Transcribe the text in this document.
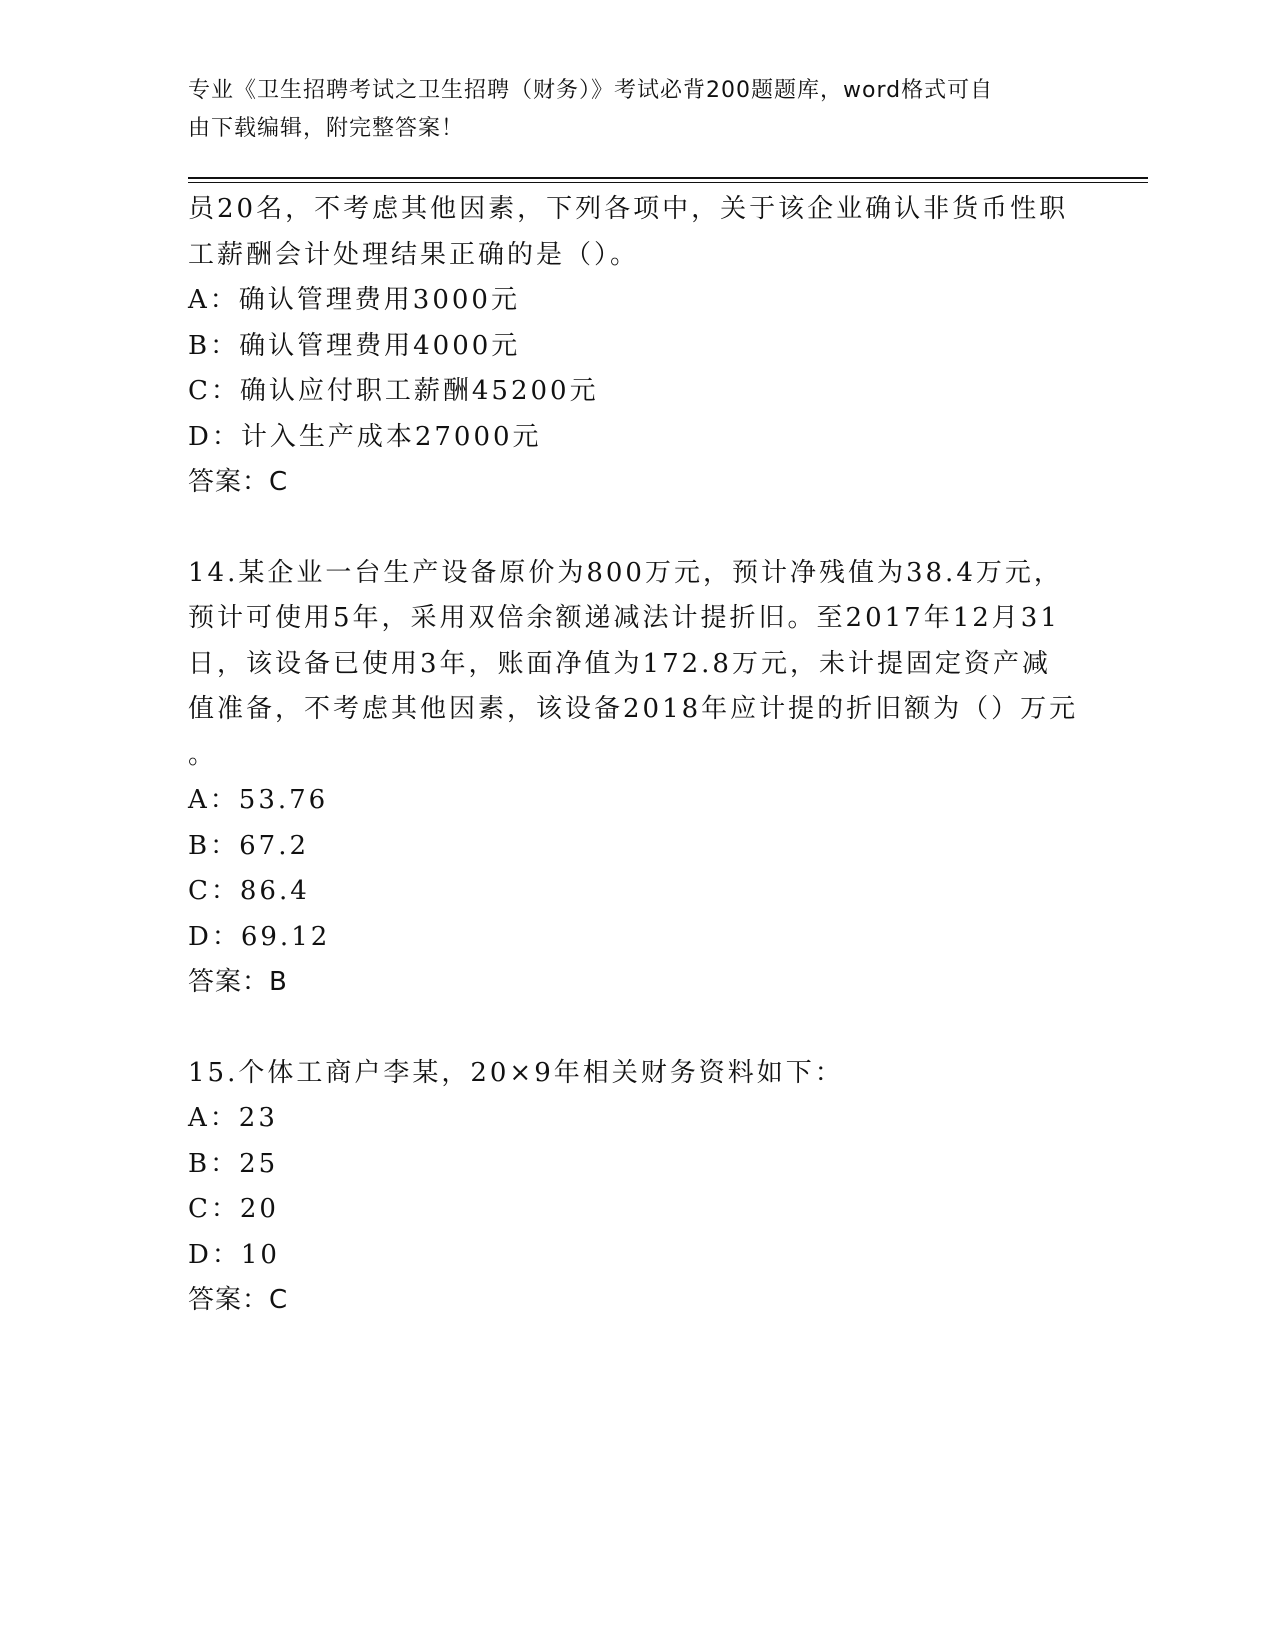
专业《卫生招聘考试之卫生招聘（财务）》考试必背200题题库，word格式可自
由下载编辑，附完整答案！
员20名，不考虑其他因素，下列各项中，关于该企业确认非货币性职
工薪酬会计处理结果正确的是（）。
A：确认管理费用3000元
B：确认管理费用4000元
C：确认应付职工薪酬45200元
D：计入生产成本27000元
答案：C
14.某企业一台生产设备原价为800万元，预计净残值为38.4万元，
预计可使用5年，采用双倍余额递减法计提折旧。至2017年12月31
日，该设备已使用3年，账面净值为172.8万元，未计提固定资产减
值准备，不考虑其他因素，该设备2018年应计提的折旧额为（）万元
。
A：53.76
B：67.2
C：86.4
D：69.12
答案：B
15.个体工商户李某，20×9年相关财务资料如下：
A：23
B：25
C：20
D：10
答案：C
